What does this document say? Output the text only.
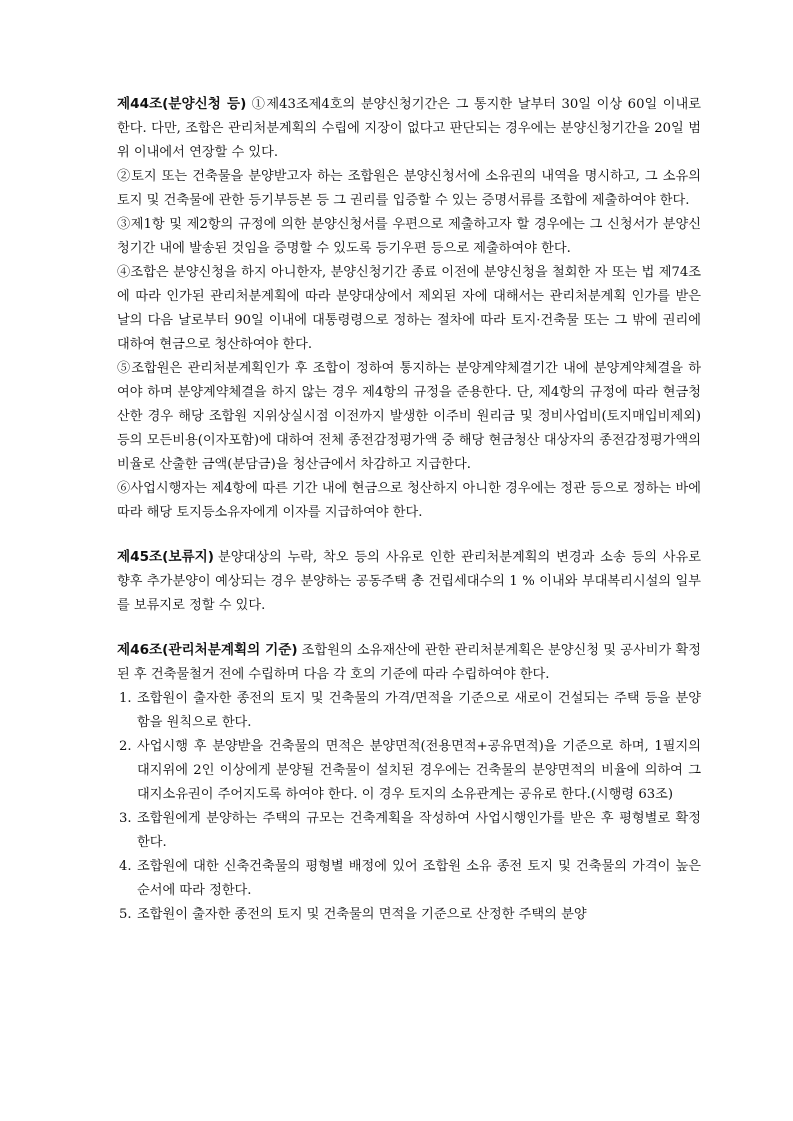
제44조(분양신청 등) ①제43조제4호의 분양신청기간은 그 통지한 날부터 30일 이상 60일 이내로 한다. 다만, 조합은 관리처분계획의 수립에 지장이 없다고 판단되는 경우에는 분양신청기간을 20일 범위 이내에서 연장할 수 있다.

②토지 또는 건축물을 분양받고자 하는 조합원은 분양신청서에 소유권의 내역을 명시하고, 그 소유의 토지 및 건축물에 관한 등기부등본 등 그 권리를 입증할 수 있는 증명서류를 조합에 제출하여야 한다.

③제1항 및 제2항의 규정에 의한 분양신청서를 우편으로 제출하고자 할 경우에는 그 신청서가 분양신청기간 내에 발송된 것임을 증명할 수 있도록 등기우편 등으로 제출하여야 한다.

④조합은 분양신청을 하지 아니한자, 분양신청기간 종료 이전에 분양신청을 철회한 자 또는 법 제74조에 따라 인가된 관리처분계획에 따라 분양대상에서 제외된 자에 대해서는 관리처분계획 인가를 받은 날의 다음 날로부터 90일 이내에 대통령령으로 정하는 절차에 따라 토지·건축물 또는 그 밖에 권리에 대하여 현금으로 청산하여야 한다.

⑤조합원은 관리처분계획인가 후 조합이 정하여 통지하는 분양계약체결기간 내에 분양계약체결을 하여야 하며 분양계약체결을 하지 않는 경우 제4항의 규정을 준용한다. 단, 제4항의 규정에 따라 현금청산한 경우 해당 조합원 지위상실시점 이전까지 발생한 이주비 원리금 및 정비사업비(토지매입비제외)등의 모든비용(이자포함)에 대하여 전체 종전감정평가액 중 해당 현금청산 대상자의 종전감정평가액의 비율로 산출한 금액(분담금)을 청산금에서 차감하고 지급한다.

⑥사업시행자는 제4항에 따른 기간 내에 현금으로 청산하지 아니한 경우에는 정관 등으로 정하는 바에 따라 해당 토지등소유자에게 이자를 지급하여야 한다.

제45조(보류지) 분양대상의 누락, 착오 등의 사유로 인한 관리처분계획의 변경과 소송 등의 사유로 향후 추가분양이 예상되는 경우 분양하는 공동주택 총 건립세대수의 1 % 이내와 부대복리시설의 일부를 보류지로 정할 수 있다.

제46조(관리처분계획의 기준) 조합원의 소유재산에 관한 관리처분계획은 분양신청 및 공사비가 확정된 후 건축물철거 전에 수립하며 다음 각 호의 기준에 따라 수립하여야 한다.

1. 조합원이 출자한 종전의 토지 및 건축물의 가격/면적을 기준으로 새로이 건설되는 주택 등을 분양함을 원칙으로 한다.
2. 사업시행 후 분양받을 건축물의 면적은 분양면적(전용면적+공유면적)을 기준으로 하며, 1필지의 대지위에 2인 이상에게 분양될 건축물이 설치된 경우에는 건축물의 분양면적의 비율에 의하여 그 대지소유권이 주어지도록 하여야 한다. 이 경우 토지의 소유관계는 공유로 한다.(시행령 63조)
3. 조합원에게 분양하는 주택의 규모는 건축계획을 작성하여 사업시행인가를 받은 후 평형별로 확정한다.
4. 조합원에 대한 신축건축물의 평형별 배정에 있어 조합원 소유 종전 토지 및 건축물의 가격이 높은 순서에 따라 정한다.
5. 조합원이 출자한 종전의 토지 및 건축물의 면적을 기준으로 산정한 주택의 분양
